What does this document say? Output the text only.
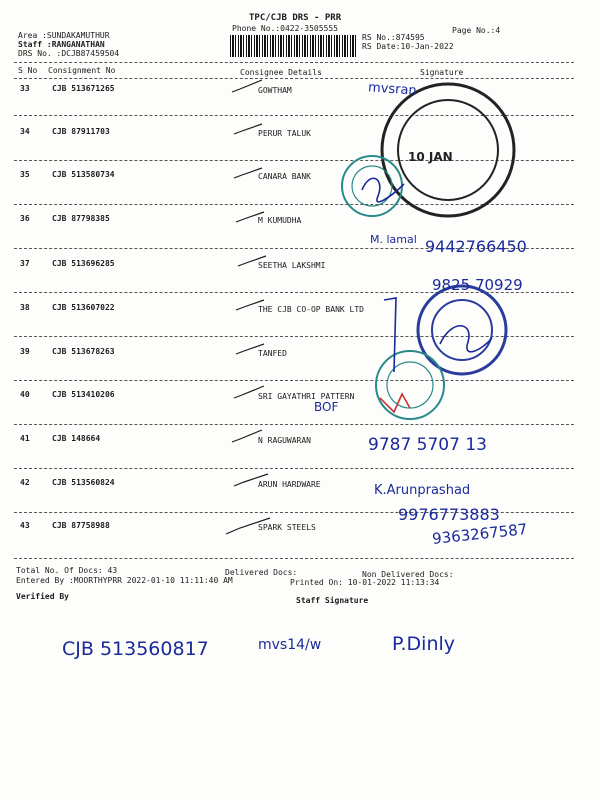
TPC/CJB DRS - PRR
Phone No.:0422-3505555	Page No.:4
Area :SUNDAKAMUTHUR
Staff :RANGANATHAN
DRS No. :DCJB87459504
RS No.:874595
RS Date:10-Jan-2022
S No Consignment No	Consignee Details	Signature
33	CJB 513671265	GOWTHAM
34	CJB 87911703	PERUR TALUK
35	CJB 513580734	CANARA BANK
36	CJB 87798385	M KUMUDHA
37	CJB 513696285	SEETHA LAKSHMI
38	CJB 513607022	THE CJB CO-OP BANK LTD
39	CJB 513678263	TANFED
40	CJB 513410206	SRI GAYATHRI PATTERN
41	CJB 148664	N RAGUWARAN
42	CJB 513560824	ARUN HARDWARE
43	CJB 87758988	SPARK STEELS
mvsran
10 JAN
M. lamal 9442766450
9825 70929
BOF
9787 5707 13
K.Arunprashad
9976773883
9363267587
Total No. Of Docs: 43	Delivered Docs:	Non Delivered Docs:
Entered By :MOORTHYPRR 2022-01-10 11:11:40 AM	Printed On: 10-01-2022 11:13:34
Verified By	Staff Signature
CJB 513560817	mvs14/w	P.Dinly
